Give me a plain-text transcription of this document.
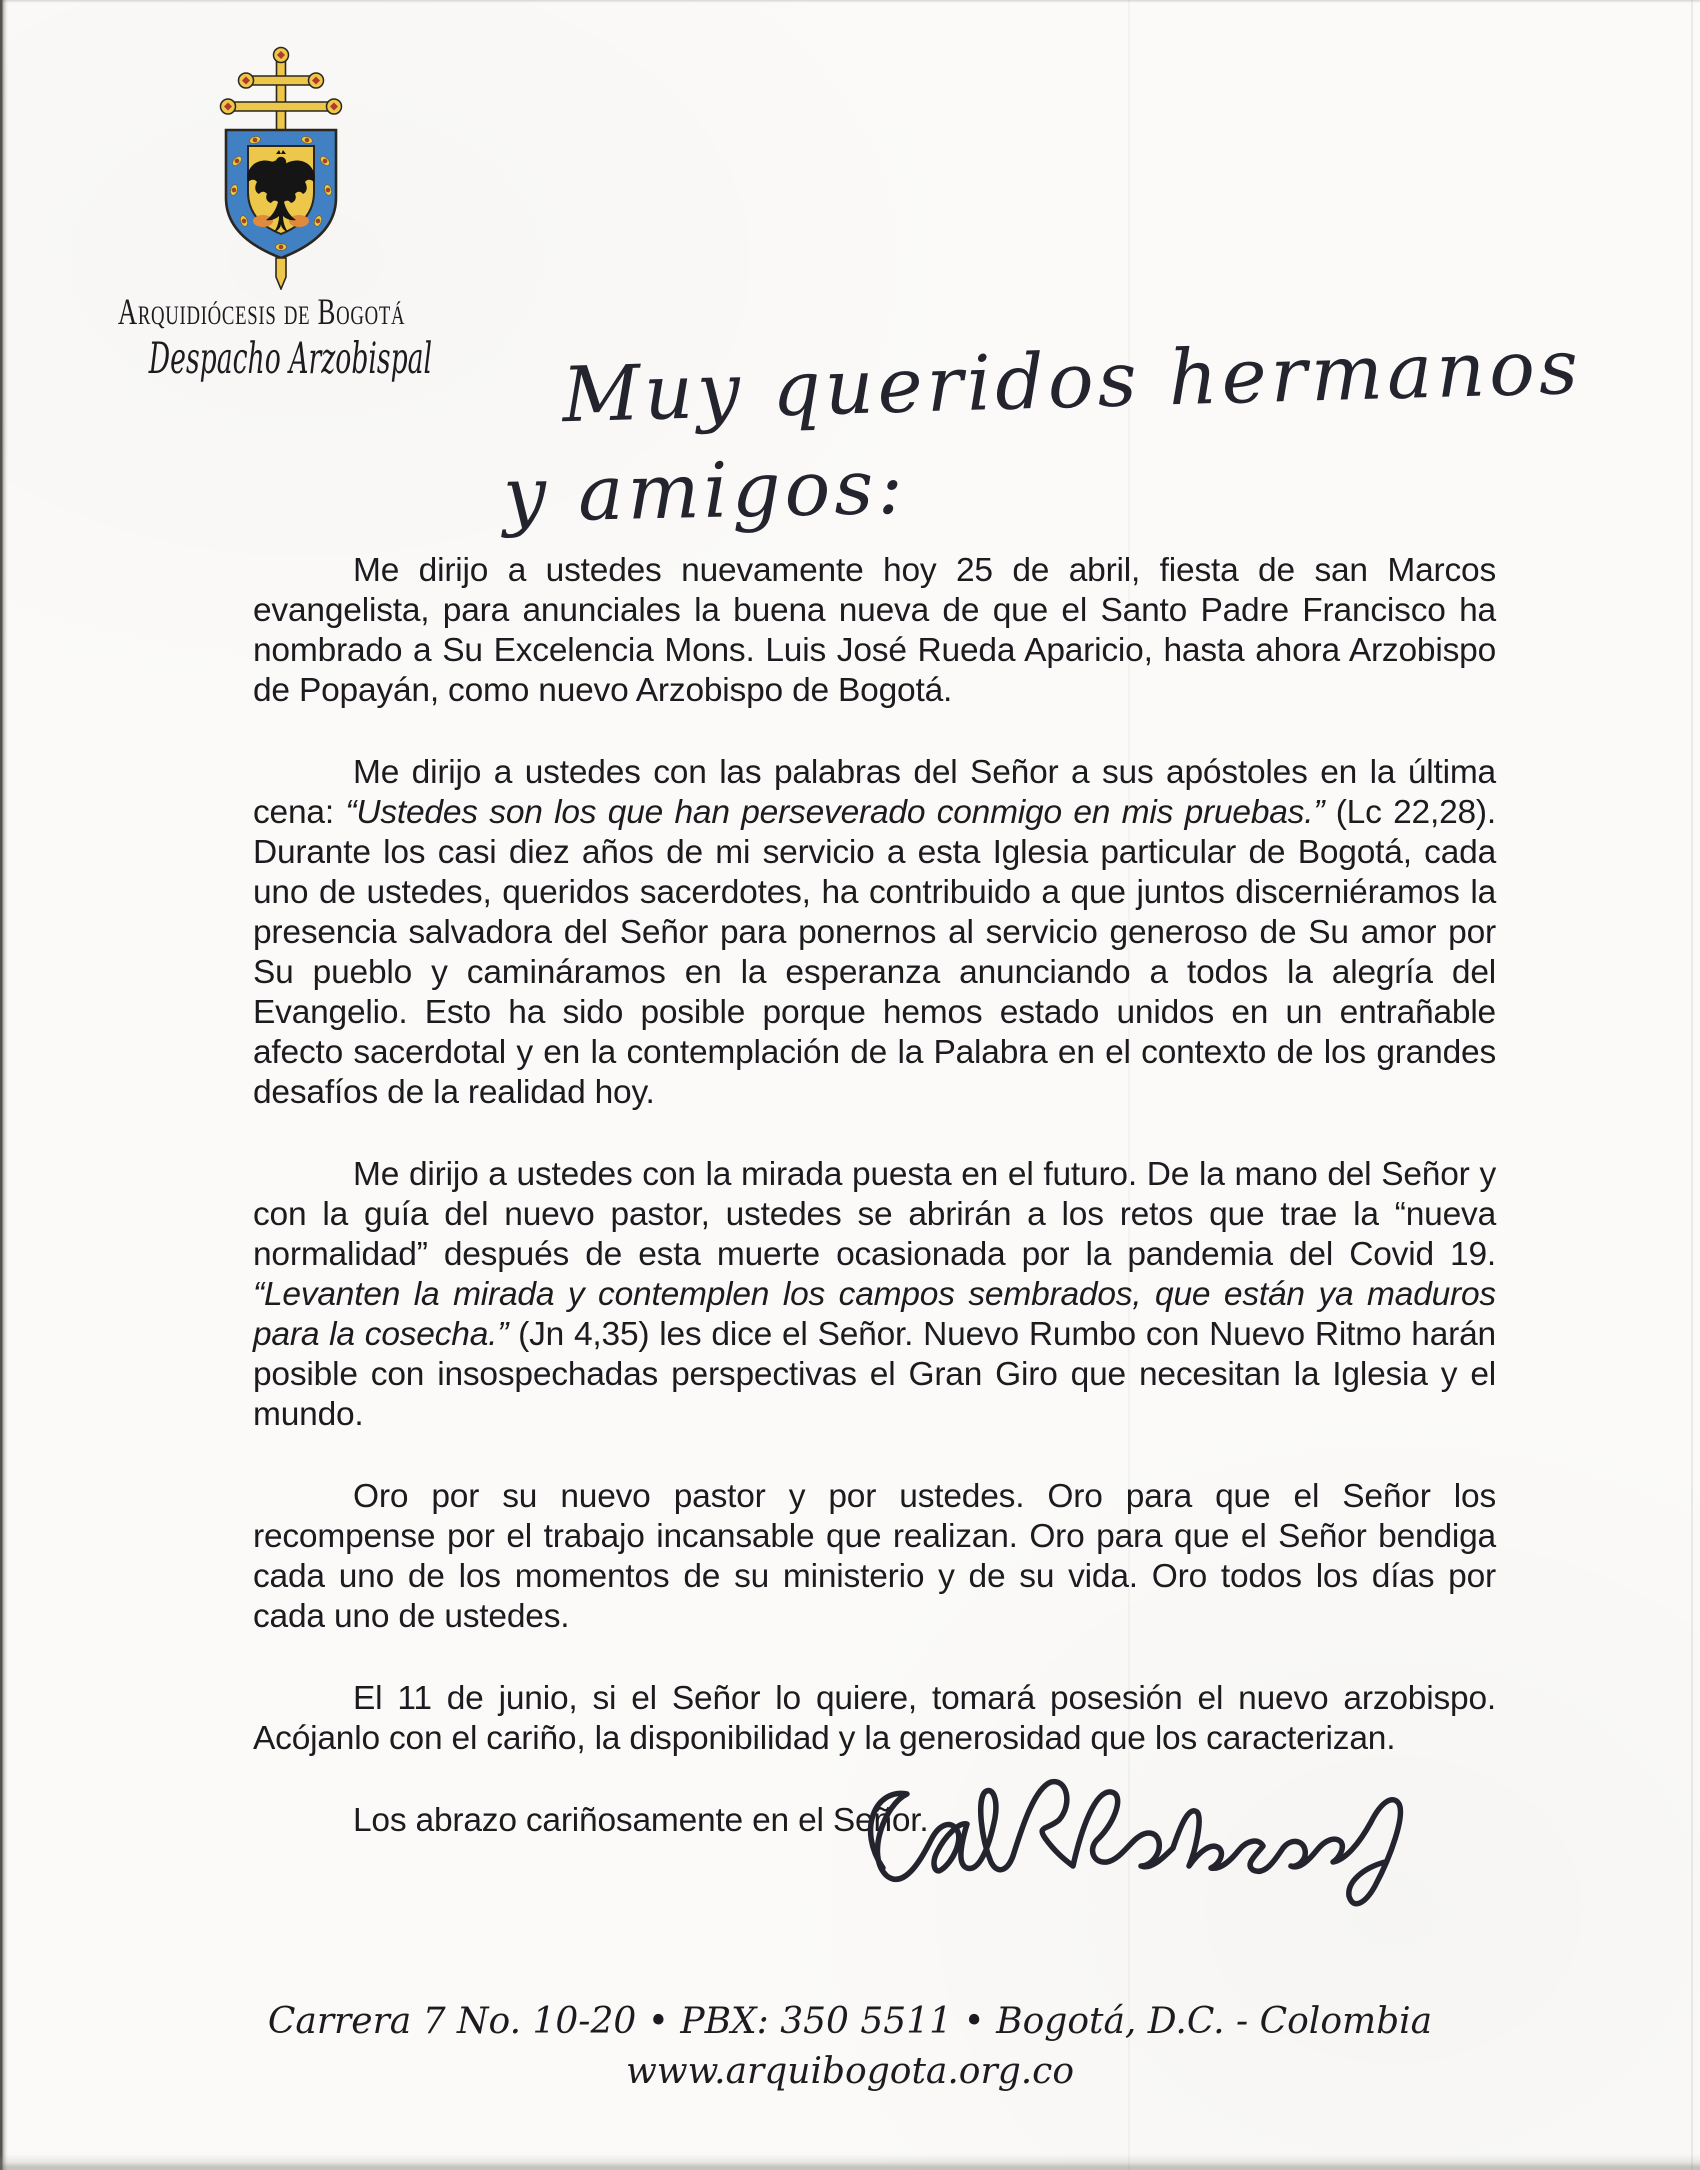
Arquidiócesis de Bogotá
Despacho Arzobispal	Muy queridos hermanos
y amigos:

Me dirijo a ustedes nuevamente hoy 25 de abril, fiesta de san Marcos evangelista, para anunciales la buena nueva de que el Santo Padre Francisco ha nombrado a Su Excelencia Mons. Luis José Rueda Aparicio, hasta ahora Arzobispo de Popayán, como nuevo Arzobispo de Bogotá.

Me dirijo a ustedes con las palabras del Señor a sus apóstoles en la última cena: “Ustedes son los que han perseverado conmigo en mis pruebas.” (Lc 22,28). Durante los casi diez años de mi servicio a esta Iglesia particular de Bogotá, cada uno de ustedes, queridos sacerdotes, ha contribuido a que juntos discerniéramos la presencia salvadora del Señor para ponernos al servicio generoso de Su amor por Su pueblo y camináramos en la esperanza anunciando a todos la alegría del Evangelio. Esto ha sido posible porque hemos estado unidos en un entrañable afecto sacerdotal y en la contemplación de la Palabra en el contexto de los grandes desafíos de la realidad hoy.

Me dirijo a ustedes con la mirada puesta en el futuro. De la mano del Señor y con la guía del nuevo pastor, ustedes se abrirán a los retos que trae la “nueva normalidad” después de esta muerte ocasionada por la pandemia del Covid 19. “Levanten la mirada y contemplen los campos sembrados, que están ya maduros para la cosecha.” (Jn 4,35) les dice el Señor. Nuevo Rumbo con Nuevo Ritmo harán posible con insospechadas perspectivas el Gran Giro que necesitan la Iglesia y el mundo.

Oro por su nuevo pastor y por ustedes. Oro para que el Señor los recompense por el trabajo incansable que realizan. Oro para que el Señor bendiga cada uno de los momentos de su ministerio y de su vida. Oro todos los días por cada uno de ustedes.

El 11 de junio, si el Señor lo quiere, tomará posesión el nuevo arzobispo. Acójanlo con el cariño, la disponibilidad y la generosidad que los caracterizan.

Los abrazo cariñosamente en el Señor.

Carrera 7 No. 10-20 • PBX: 350 5511 • Bogotá, D.C. - Colombia
www.arquibogota.org.co
